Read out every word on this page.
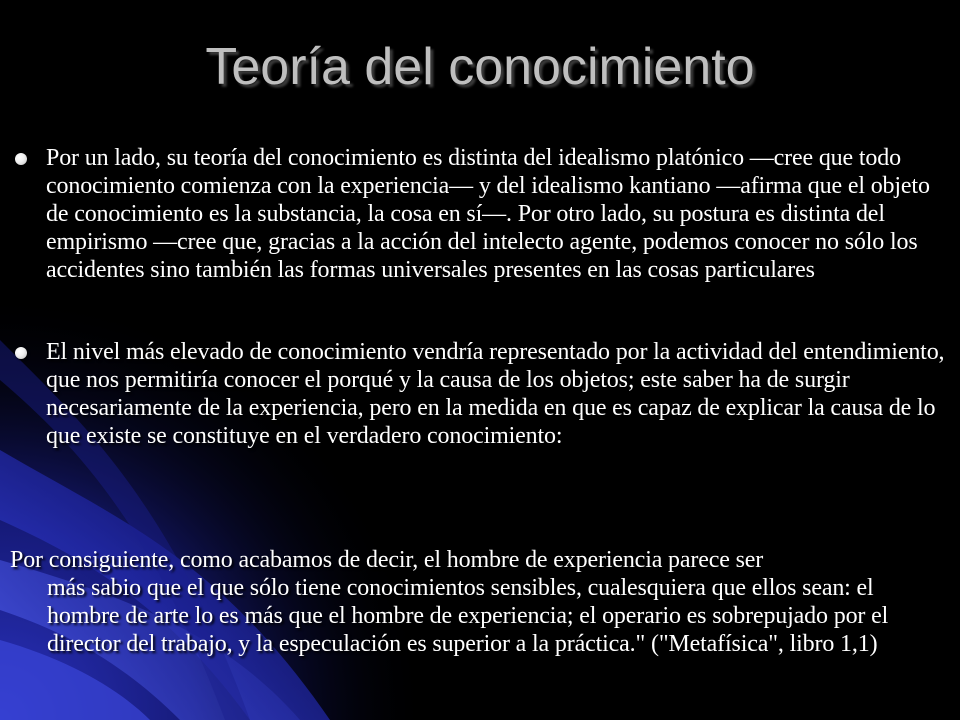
Teoría del conocimiento
Por un lado, su teoría del conocimiento es distinta del idealismo platónico —cree que todo conocimiento comienza con la experiencia— y del idealismo kantiano —afirma que el objeto de conocimiento es la substancia, la cosa en sí—. Por otro lado, su postura es distinta del empirismo —cree que, gracias a la acción del intelecto agente, podemos conocer no sólo los accidentes sino también las formas universales presentes en las cosas particulares
El nivel más elevado de conocimiento vendría representado por la actividad del entendimiento, que nos permitiría conocer el porqué y la causa de los objetos; este saber ha de surgir necesariamente de la experiencia, pero en la medida en que es capaz de explicar la causa de lo que existe se constituye en el verdadero conocimiento:

Por consiguiente, como acabamos de decir, el hombre de experiencia parece ser
más sabio que el que sólo tiene conocimientos sensibles, cualesquiera que ellos sean: el hombre de arte lo es más que el hombre de experiencia; el operario es sobrepujado por el director del trabajo, y la especulación es superior a la práctica." ("Metafísica", libro 1,1)
